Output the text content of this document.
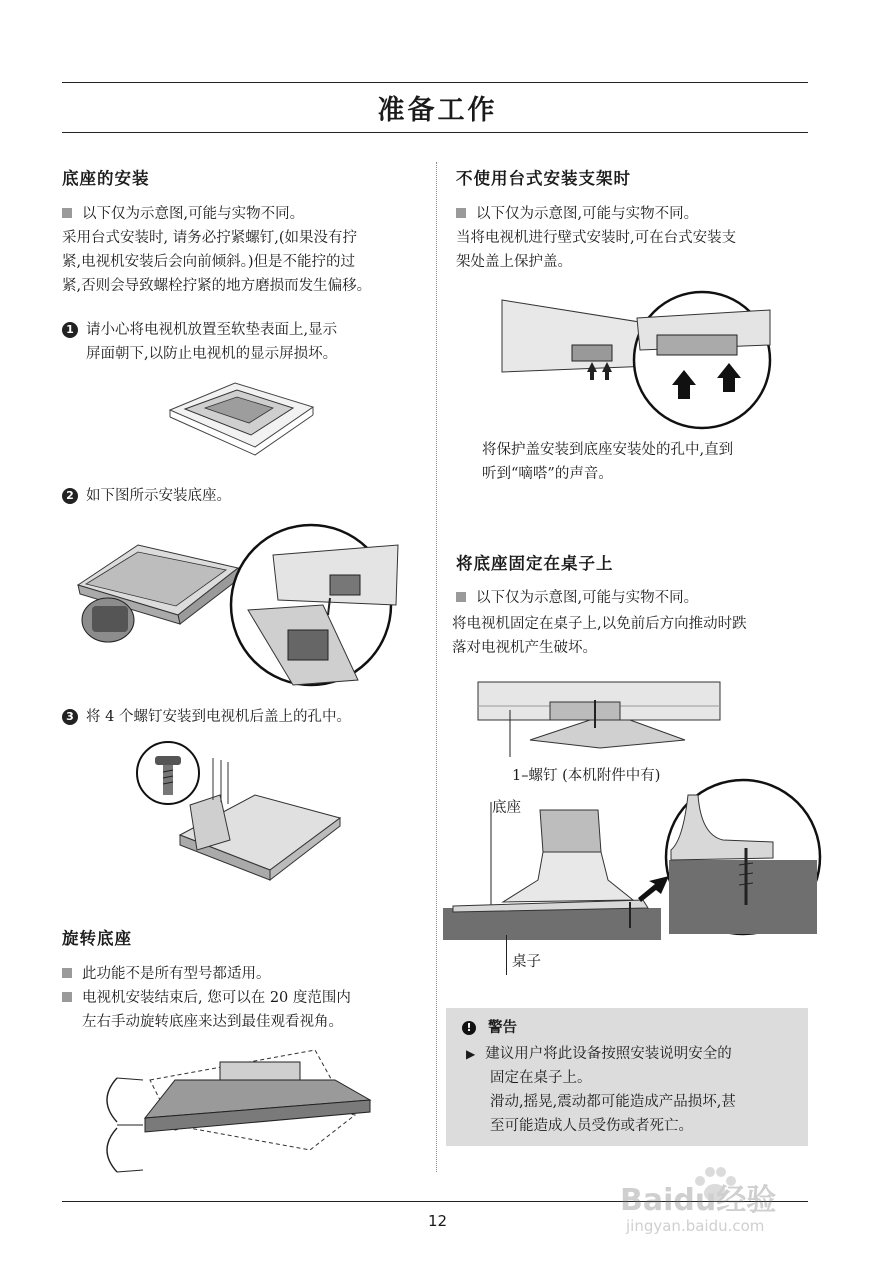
准备工作
底座的安装
以下仅为示意图,可能与实物不同。
采用台式安装时, 请务必拧紧螺钉,(如果没有拧
紧,电视机安装后会向前倾斜。)但是不能拧的过
紧,否则会导致螺栓拧紧的地方磨损而发生偏移。
1 请小心将电视机放置至软垫表面上,显示
屏面朝下,以防止电视机的显示屏损坏。
2 如下图所示安装底座。
3 将 4 个螺钉安装到电视机后盖上的孔中。
旋转底座
此功能不是所有型号都适用。
电视机安装结束后, 您可以在 20 度范围内
左右手动旋转底座来达到最佳观看视角。
不使用台式安装支架时
以下仅为示意图,可能与实物不同。
当将电视机进行壁式安装时,可在台式安装支
架处盖上保护盖。
将保护盖安装到底座安装处的孔中,直到
听到“嘀嗒”的声音。
将底座固定在桌子上
以下仅为示意图,可能与实物不同。
将电视机固定在桌子上,以免前后方向推动时跌
落对电视机产生破坏。
1–螺钉 (本机附件中有)
底座
桌子
! 警告
▶ 建议用户将此设备按照安装说明安全的
固定在桌子上。
滑动,摇晃,震动都可能造成产品损坏,甚
至可能造成人员受伤或者死亡。
12
Baidu经验
jingyan.baidu.com
